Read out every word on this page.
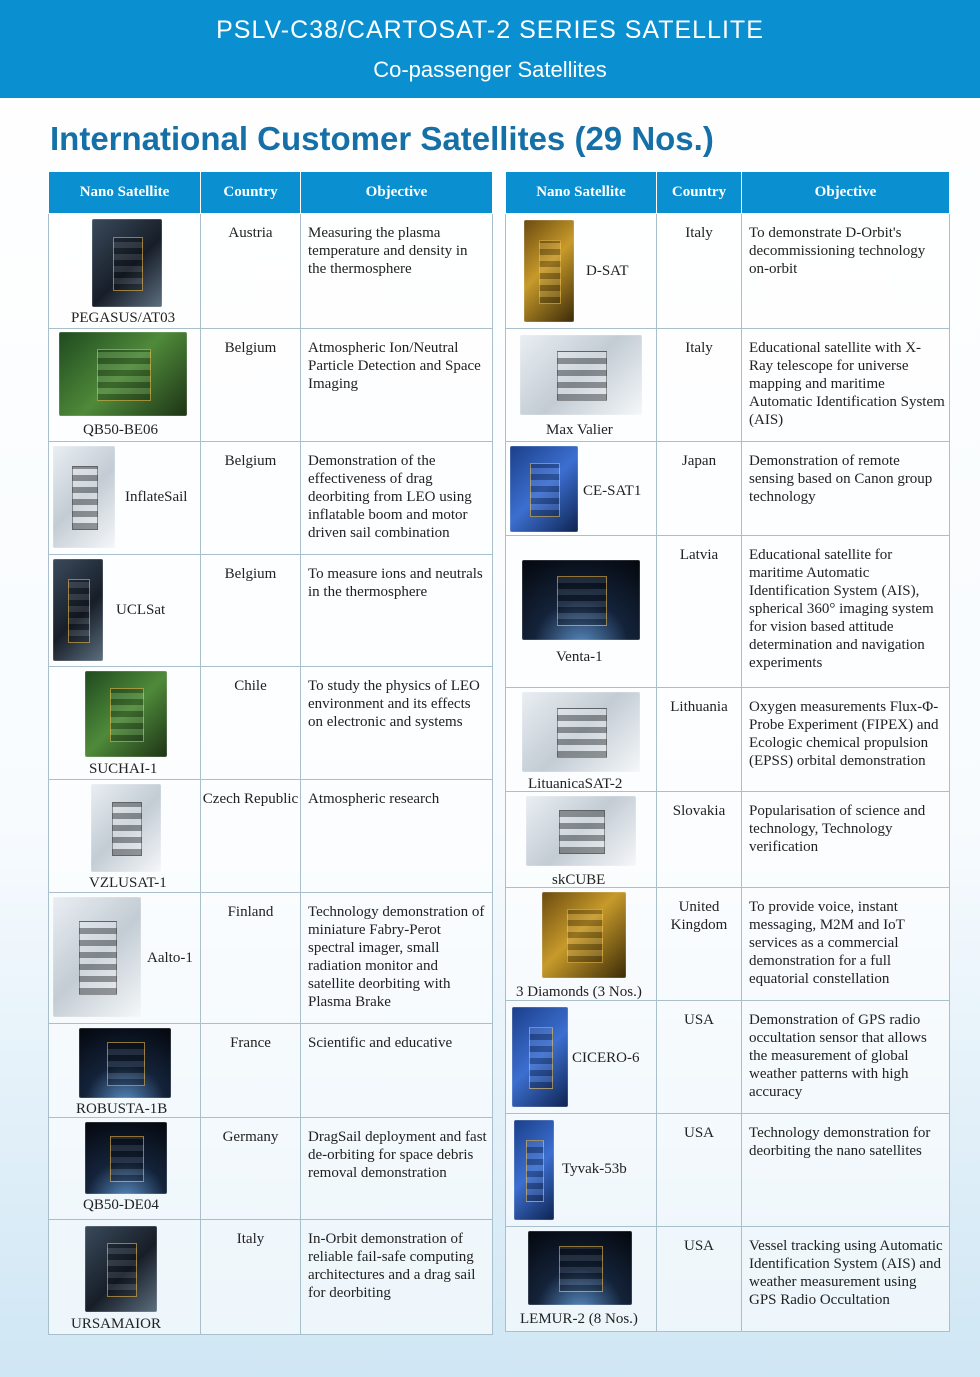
PSLV-C38/CARTOSAT-2 SERIES SATELLITE
Co-passenger Satellites
International Customer Satellites (29 Nos.)
Nano Satellite	Country	Objective

PEGASUS/AT03	Austria	Measuring the plasma temperature and density in the thermosphere

QB50-BE06	Belgium	Atmospheric Ion/Neutral Particle Detection and Space Imaging

InflateSail	Belgium	Demonstration of the effectiveness of drag deorbiting from LEO using inflatable boom and motor driven sail combination

UCLSat	Belgium	To measure ions and neutrals in the thermosphere

SUCHAI-1	Chile	To study the physics of LEO environment and its effects on electronic and systems

VZLUSAT-1	Czech Republic	Atmospheric research

Aalto-1	Finland	Technology demonstration of miniature Fabry-Perot spectral imager, small radiation monitor and satellite deorbiting with Plasma Brake

ROBUSTA-1B	France	Scientific and educative

QB50-DE04	Germany	DragSail deployment and fast de-orbiting for space debris removal demonstration

URSAMAIOR	Italy	In-Orbit demonstration of reliable fail-safe computing architectures and a drag sail for deorbiting
Nano Satellite	Country	Objective

D-SAT	Italy	To demonstrate D-Orbit's decommissioning technology on-orbit

Max Valier	Italy	Educational satellite with X-Ray telescope for universe mapping and maritime Automatic Identification System (AIS)

CE-SAT1	Japan	Demonstration of remote sensing based on Canon group technology

Venta-1	Latvia	Educational satellite for maritime Automatic Identification System (AIS), spherical 360° imaging system for vision based attitude determination and navigation experiments

LituanicaSAT-2	Lithuania	Oxygen measurements Flux-Φ-Probe Experiment (FIPEX) and Ecologic chemical propulsion (EPSS) orbital demonstration

skCUBE	Slovakia	Popularisation of science and technology, Technology verification

3 Diamonds (3 Nos.)	United Kingdom	To provide voice, instant messaging, M2M and IoT services as a commercial demonstration for a full equatorial constellation

CICERO-6	USA	Demonstration of GPS radio occultation sensor that allows the measurement of global weather patterns with high accuracy

Tyvak-53b	USA	Technology demonstration for deorbiting the nano satellites

LEMUR-2 (8 Nos.)	USA	Vessel tracking using Automatic Identification System (AIS) and weather measurement using GPS Radio Occultation
